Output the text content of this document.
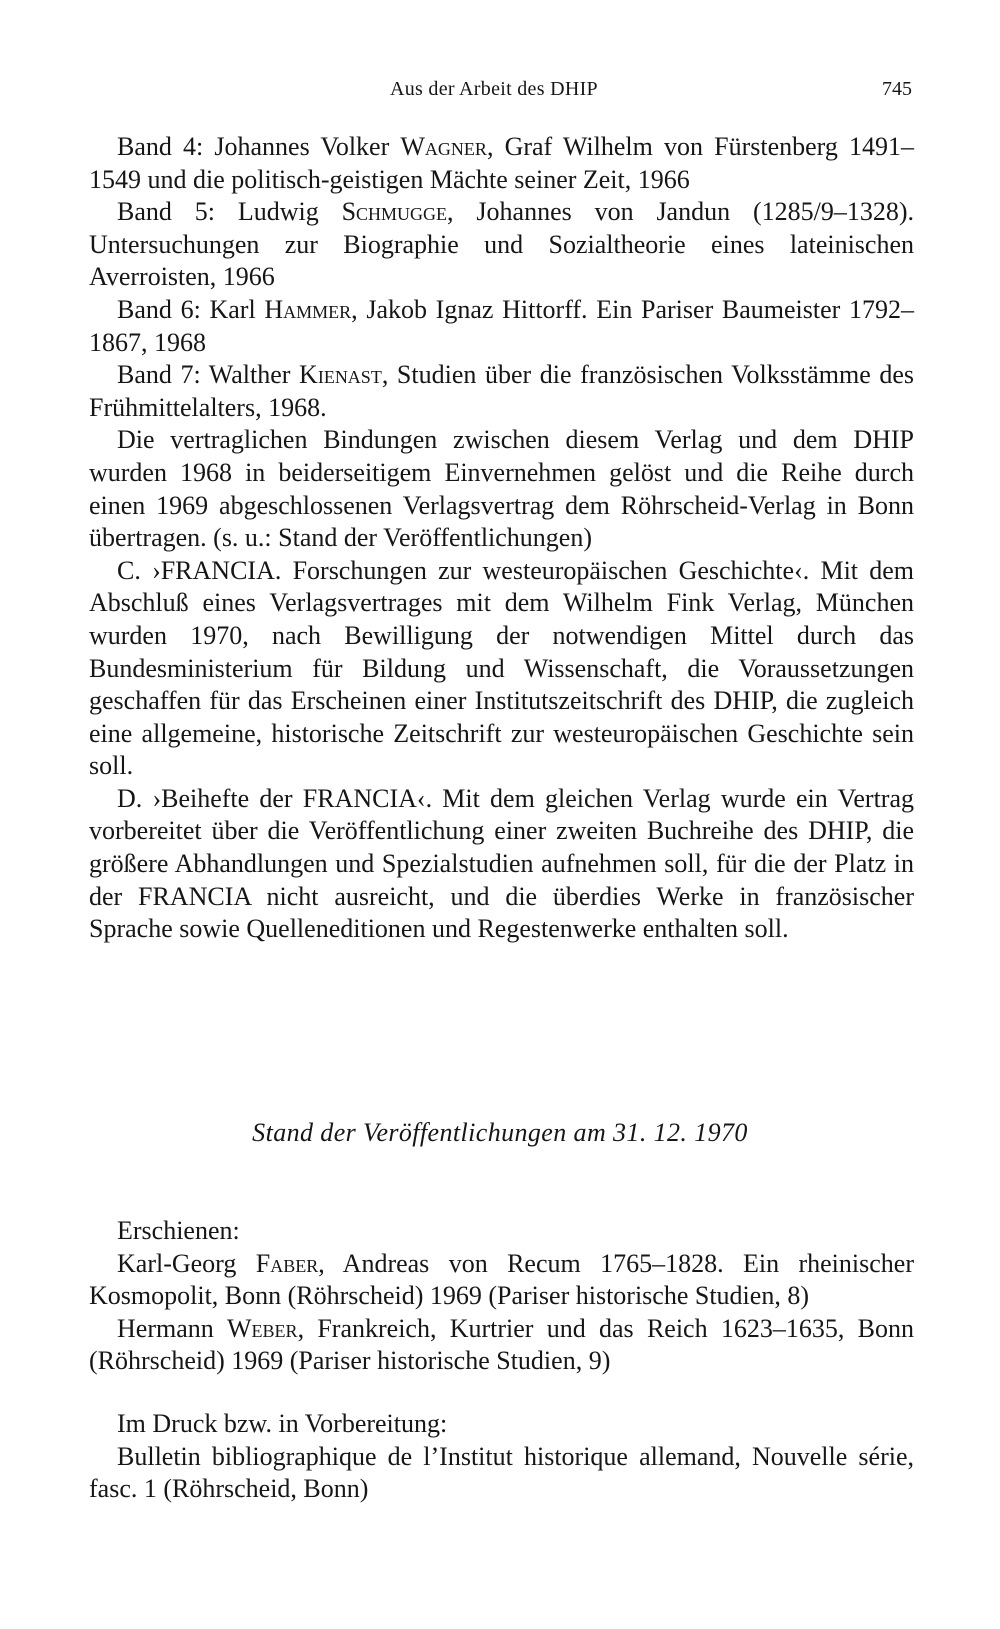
Aus der Arbeit des DHIP	745

Band 4: Johannes Volker Wagner, Graf Wilhelm von Fürstenberg 1491–1549 und die politisch-geistigen Mächte seiner Zeit, 1966

Band 5: Ludwig Schmugge, Johannes von Jandun (1285/9–1328). Untersuchungen zur Biographie und Sozialtheorie eines lateinischen Averroisten, 1966

Band 6: Karl Hammer, Jakob Ignaz Hittorff. Ein Pariser Baumeister 1792–1867, 1968

Band 7: Walther Kienast, Studien über die französischen Volksstämme des Frühmittelalters, 1968.

Die vertraglichen Bindungen zwischen diesem Verlag und dem DHIP wurden 1968 in beiderseitigem Einvernehmen gelöst und die Reihe durch einen 1969 abgeschlossenen Verlagsvertrag dem Röhrscheid-Verlag in Bonn übertragen. (s. u.: Stand der Veröffentlichungen)

C. ›FRANCIA. Forschungen zur westeuropäischen Geschichte‹. Mit dem Abschluß eines Verlagsvertrages mit dem Wilhelm Fink Verlag, München wurden 1970, nach Bewilligung der notwendigen Mittel durch das Bundesministerium für Bildung und Wissenschaft, die Voraussetzungen geschaffen für das Erscheinen einer Institutszeitschrift des DHIP, die zugleich eine allgemeine, historische Zeitschrift zur westeuropäischen Geschichte sein soll.

D. ›Beihefte der FRANCIA‹. Mit dem gleichen Verlag wurde ein Vertrag vorbereitet über die Veröffentlichung einer zweiten Buchreihe des DHIP, die größere Abhandlungen und Spezialstudien aufnehmen soll, für die der Platz in der FRANCIA nicht ausreicht, und die überdies Werke in französischer Sprache sowie Quelleneditionen und Regestenwerke enthalten soll.

Stand der Veröffentlichungen am 31. 12. 1970

Erschienen:

Karl-Georg Faber, Andreas von Recum 1765–1828. Ein rheinischer Kosmopolit, Bonn (Röhrscheid) 1969 (Pariser historische Studien, 8)

Hermann Weber, Frankreich, Kurtrier und das Reich 1623–1635, Bonn (Röhrscheid) 1969 (Pariser historische Studien, 9)

Im Druck bzw. in Vorbereitung:

Bulletin bibliographique de l’Institut historique allemand, Nouvelle série, fasc. 1 (Röhrscheid, Bonn)
